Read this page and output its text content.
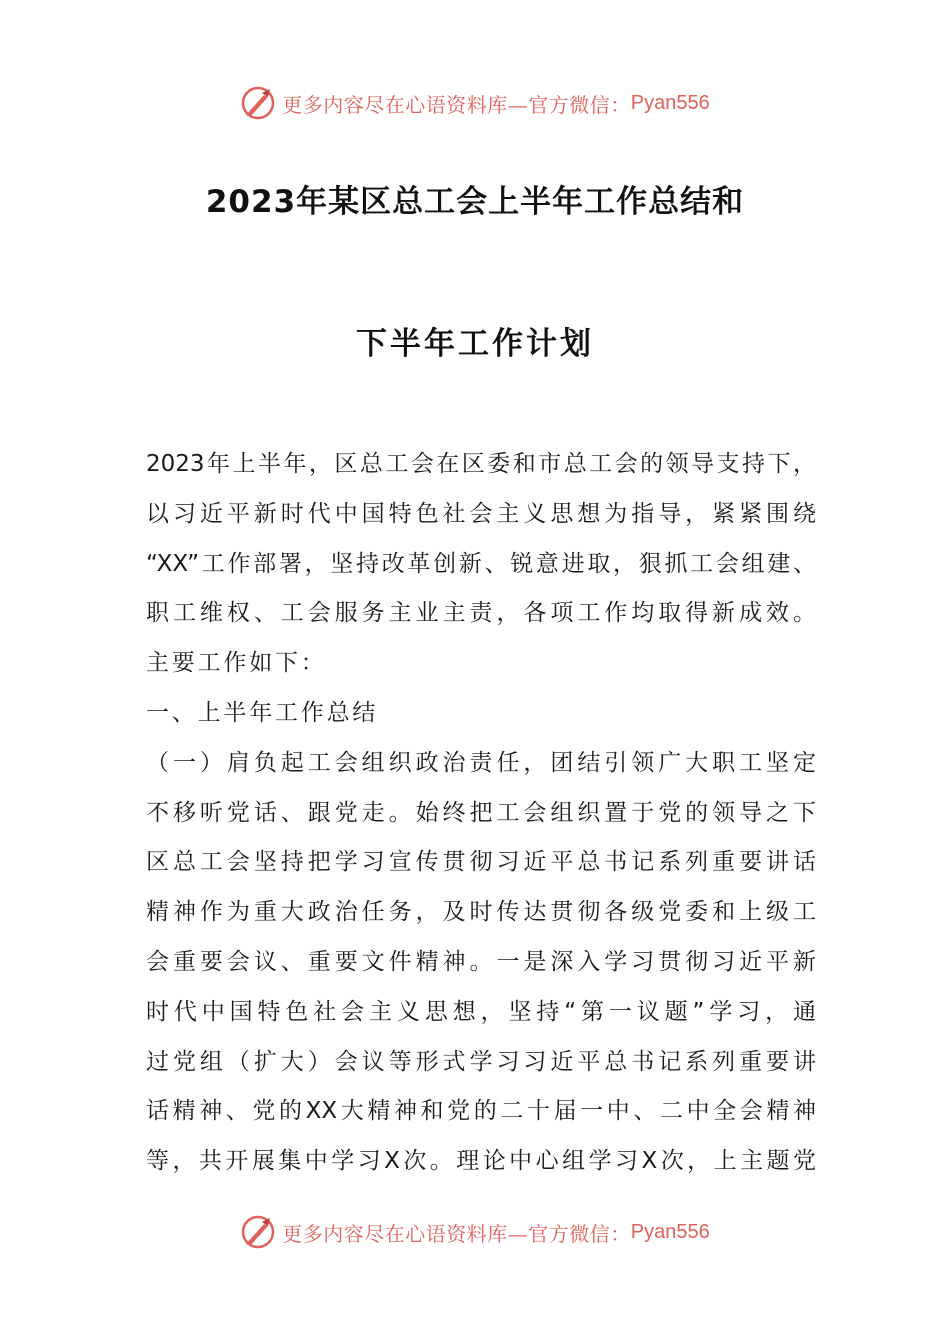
更多内容尽在心语资料库—官方微信： Pyan556
2023年某区总工会上半年工作总结和
下半年工作计划
2023年上半年，区总工会在区委和市总工会的领导支持下，
以习近平新时代中国特色社会主义思想为指导，紧紧围绕
“XX”工作部署，坚持改革创新、锐意进取，狠抓工会组建、
职工维权、工会服务主业主责，各项工作均取得新成效。
主要工作如下：
一、上半年工作总结
（一）肩负起工会组织政治责任，团结引领广大职工坚定
不移听党话、跟党走。始终把工会组织置于党的领导之下
区总工会坚持把学习宣传贯彻习近平总书记系列重要讲话
精神作为重大政治任务，及时传达贯彻各级党委和上级工
会重要会议、重要文件精神。一是深入学习贯彻习近平新
时代中国特色社会主义思想，坚持“第一议题”学习，通
过党组（扩大）会议等形式学习习近平总书记系列重要讲
话精神、党的XX大精神和党的二十届一中、二中全会精神
等，共开展集中学习X次。理论中心组学习X次，上主题党
更多内容尽在心语资料库—官方微信： Pyan556
